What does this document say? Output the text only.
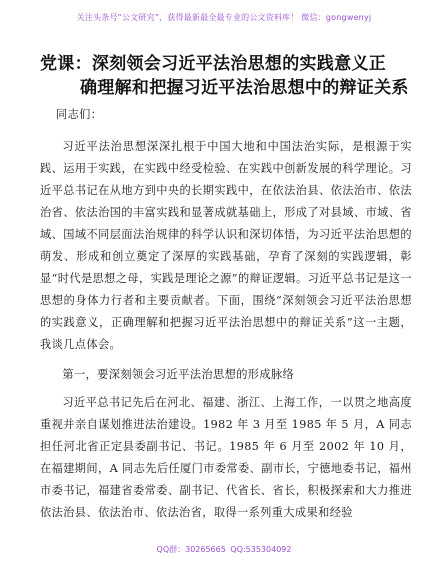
关注头条号“公文研究”，获得最新最全最专业的公文资料库！ 微信：gongwenyj
党课：深刻领会习近平法治思想的实践意义正
确理解和把握习近平法治思想中的辩证关系

同志们：

习近平法治思想深深扎根于中国大地和中国法治实际，是根源于实践、运用于实践，在实践中经受检验、在实践中创新发展的科学理论。习近平总书记在从地方到中央的长期实践中，在依法治县、依法治市、依法治省、依法治国的丰富实践和显著成就基础上，形成了对县域、市域、省域、国域不同层面法治规律的科学认识和深切体悟，为习近平法治思想的萌发、形成和创立奠定了深厚的实践基础，孕育了深刻的实践逻辑，彰显“时代是思想之母，实践是理论之源”的辩证逻辑。习近平总书记是这一思想的身体力行者和主要贡献者。下面，围绕“深刻领会习近平法治思想的实践意义，正确理解和把握习近平法治思想中的辩证关系”这一主题，我谈几点体会。

第一，要深刻领会习近平法治思想的形成脉络

习近平总书记先后在河北、福建、浙江、上海工作，一以贯之地高度重视并亲自谋划推进法治建设。1982 年 3 月至 1985 年 5 月，A 同志担任河北省正定县委副书记、书记。1985 年 6 月至 2002 年 10 月，在福建期间，A 同志先后任厦门市委常委、副市长，宁德地委书记，福州市委书记，福建省委常委、副书记、代省长、省长，积极探索和大力推进依法治县、依法治市、依法治省，取得一系列重大成果和经验

QQ群：30265665 QQ:535304092
